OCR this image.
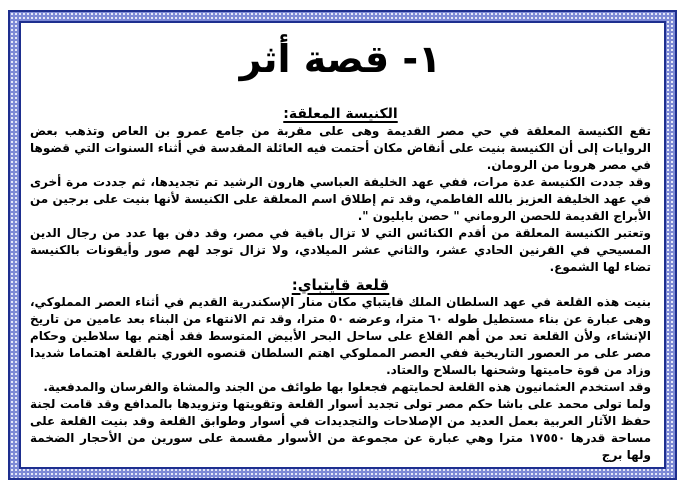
١- قصة أثر
الكنيسة المعلقة:

تقع الكنيسة المعلقة في حي مصر القديمة وهى على مقربة من جامع عمرو بن العاص وتذهب بعض الروايات إلى أن الكنيسة بنيت على أنقاض مكان أحتمت فيه العائلة المقدسة في أثناء السنوات التي قضوها في مصر هروبا من الرومان.

وقد جددت الكنيسة عدة مرات، ففي عهد الخليفة العباسي هارون الرشيد تم تجديدها، ثم جددت مرة أخرى في عهد الخليفة العزيز بالله الفاطمي، وقد تم إطلاق اسم المعلقة على الكنيسة لأنها بنيت على برجين من الأبراج القديمة للحصن الروماني " حصن بابليون ".

وتعتبر الكنيسة المعلقة من أقدم الكنائس التي لا تزال باقية في مصر، وقد دفن بها عدد من رجال الدين المسيحي في القرنين الحادي عشر، والثاني عشر الميلادي، ولا تزال توجد لهم صور وأيقونات بالكنيسة تضاء لها الشموع.

قلعة قايتباي:

بنيت هذه القلعة في عهد السلطان الملك قايتباي مكان منار الإسكندرية القديم في أثناء العصر المملوكي، وهى عبارة عن بناء مستطيل طوله ٦٠ مترا، وعرضه ٥٠ مترا، وقد تم الانتهاء من البناء بعد عامين من تاريخ الإنشاء، ولأن القلعة تعد من أهم القلاع على ساحل البحر الأبيض المتوسط فقد أهتم بها سلاطين وحكام مصر على مر العصور التاريخية ففي العصر المملوكي اهتم السلطان قنصوه الغوري بالقلعة اهتماما شديدا وزاد من قوة حاميتها وشحنها بالسلاح والعتاد.

وقد استخدم العثمانيون هذه القلعة لحمايتهم فجعلوا بها طوائف من الجند والمشاة والفرسان والمدفعية.

ولما تولى محمد على باشا حكم مصر تولى تجديد أسوار القلعة وتقويتها وتزويدها بالمدافع وقد قامت لجنة حفظ الآثار العربية بعمل العديد من الإصلاحات والتجديدات في أسوار وطوابق القلعة وقد بنيت القلعة على مساحة قدرها ١٧٥٥٠ مترا وهي عبارة عن مجموعة من الأسوار مقسمة على سورين من الأحجار الضخمة ولها برج
